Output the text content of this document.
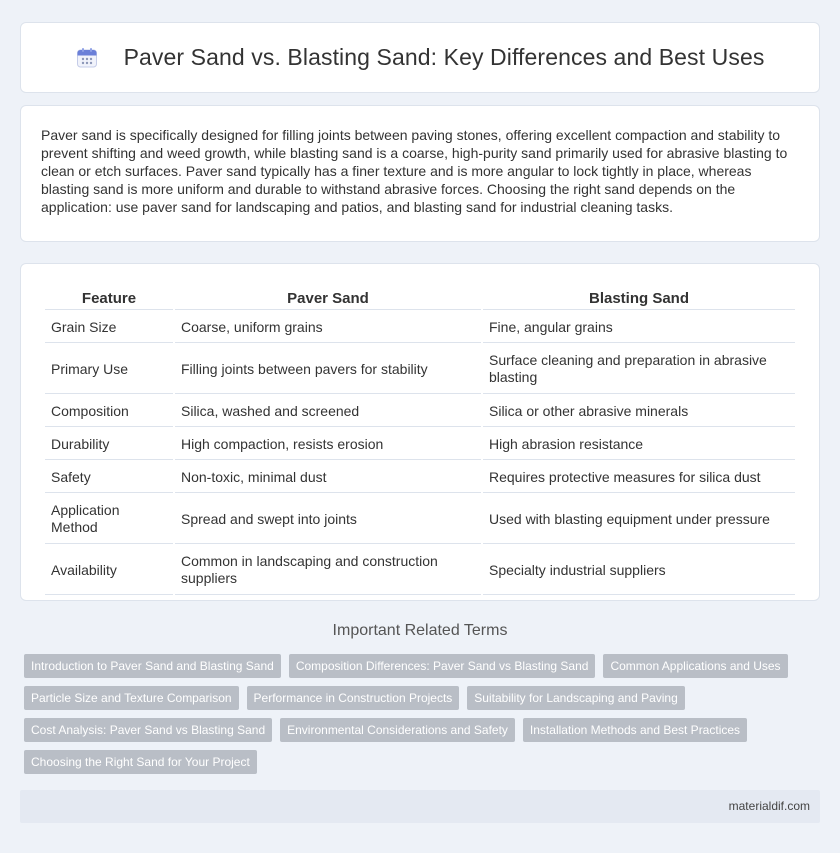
Paver Sand vs. Blasting Sand: Key Differences and Best Uses

Paver sand is specifically designed for filling joints between paving stones, offering excellent compaction and stability to prevent shifting and weed growth, while blasting sand is a coarse, high-purity sand primarily used for abrasive blasting to clean or etch surfaces. Paver sand typically has a finer texture and is more angular to lock tightly in place, whereas blasting sand is more uniform and durable to withstand abrasive forces. Choosing the right sand depends on the application: use paver sand for landscaping and patios, and blasting sand for industrial cleaning tasks.

Feature	Paver Sand	Blasting Sand
Grain Size	Coarse, uniform grains	Fine, angular grains
Primary Use	Filling joints between pavers for stability	Surface cleaning and preparation in abrasive blasting
Composition	Silica, washed and screened	Silica or other abrasive minerals
Durability	High compaction, resists erosion	High abrasion resistance
Safety	Non-toxic, minimal dust	Requires protective measures for silica dust
Application Method	Spread and swept into joints	Used with blasting equipment under pressure
Availability	Common in landscaping and construction suppliers	Specialty industrial suppliers
Important Related Terms
Introduction to Paver Sand and Blasting Sand	Composition Differences: Paver Sand vs Blasting Sand	Common Applications and Uses
Particle Size and Texture Comparison	Performance in Construction Projects	Suitability for Landscaping and Paving
Cost Analysis: Paver Sand vs Blasting Sand	Environmental Considerations and Safety	Installation Methods and Best Practices
Choosing the Right Sand for Your Project
materialdif.com
